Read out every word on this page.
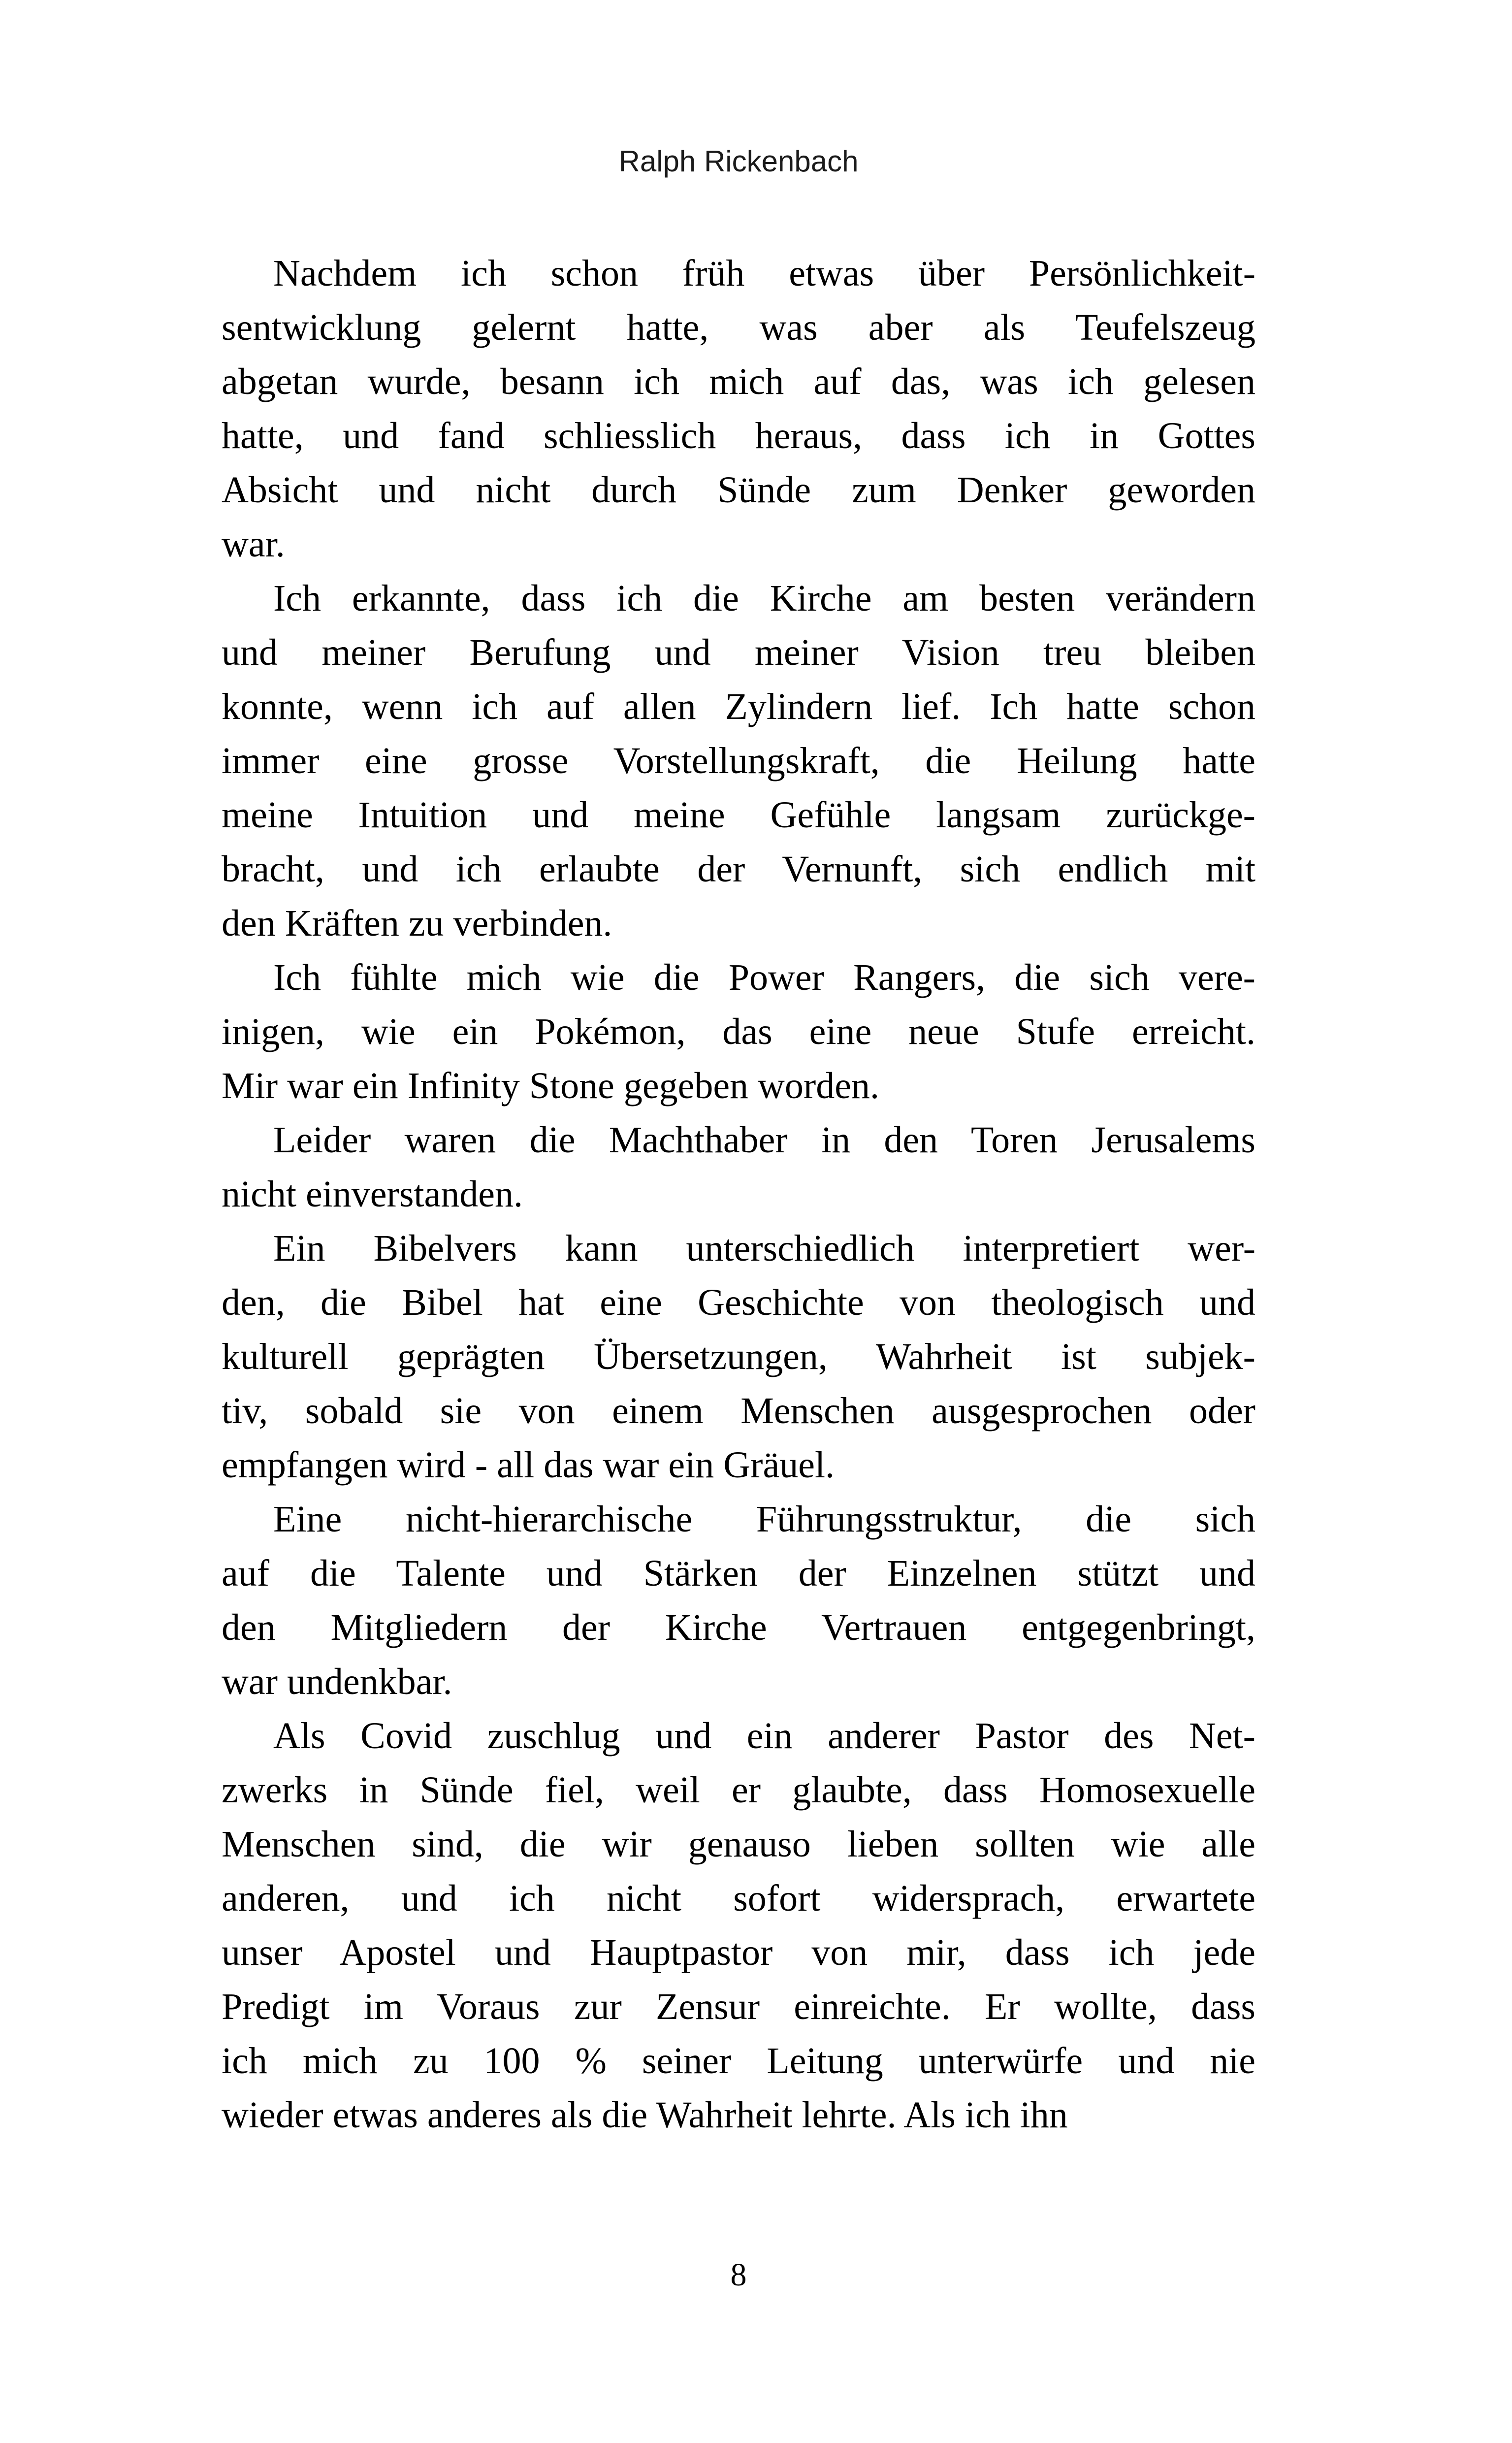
Ralph Rickenbach
Nachdem ich schon früh etwas über Persönlichkeit-
sentwicklung gelernt hatte, was aber als Teufelszeug
abgetan wurde, besann ich mich auf das, was ich gelesen
hatte, und fand schliesslich heraus, dass ich in Gottes
Absicht und nicht durch Sünde zum Denker geworden
war.
Ich erkannte, dass ich die Kirche am besten verändern
und meiner Berufung und meiner Vision treu bleiben
konnte, wenn ich auf allen Zylindern lief. Ich hatte schon
immer eine grosse Vorstellungskraft, die Heilung hatte
meine Intuition und meine Gefühle langsam zurückge-
bracht, und ich erlaubte der Vernunft, sich endlich mit
den Kräften zu verbinden.
Ich fühlte mich wie die Power Rangers, die sich vere-
inigen, wie ein Pokémon, das eine neue Stufe erreicht.
Mir war ein Infinity Stone gegeben worden.
Leider waren die Machthaber in den Toren Jerusalems
nicht einverstanden.
Ein Bibelvers kann unterschiedlich interpretiert wer-
den, die Bibel hat eine Geschichte von theologisch und
kulturell geprägten Übersetzungen, Wahrheit ist subjek-
tiv, sobald sie von einem Menschen ausgesprochen oder
empfangen wird - all das war ein Gräuel.
Eine nicht-hierarchische Führungsstruktur, die sich
auf die Talente und Stärken der Einzelnen stützt und
den Mitgliedern der Kirche Vertrauen entgegenbringt,
war undenkbar.
Als Covid zuschlug und ein anderer Pastor des Net-
zwerks in Sünde fiel, weil er glaubte, dass Homosexuelle
Menschen sind, die wir genauso lieben sollten wie alle
anderen, und ich nicht sofort widersprach, erwartete
unser Apostel und Hauptpastor von mir, dass ich jede
Predigt im Voraus zur Zensur einreichte. Er wollte, dass
ich mich zu 100 % seiner Leitung unterwürfe und nie
wieder etwas anderes als die Wahrheit lehrte. Als ich ihn
8
